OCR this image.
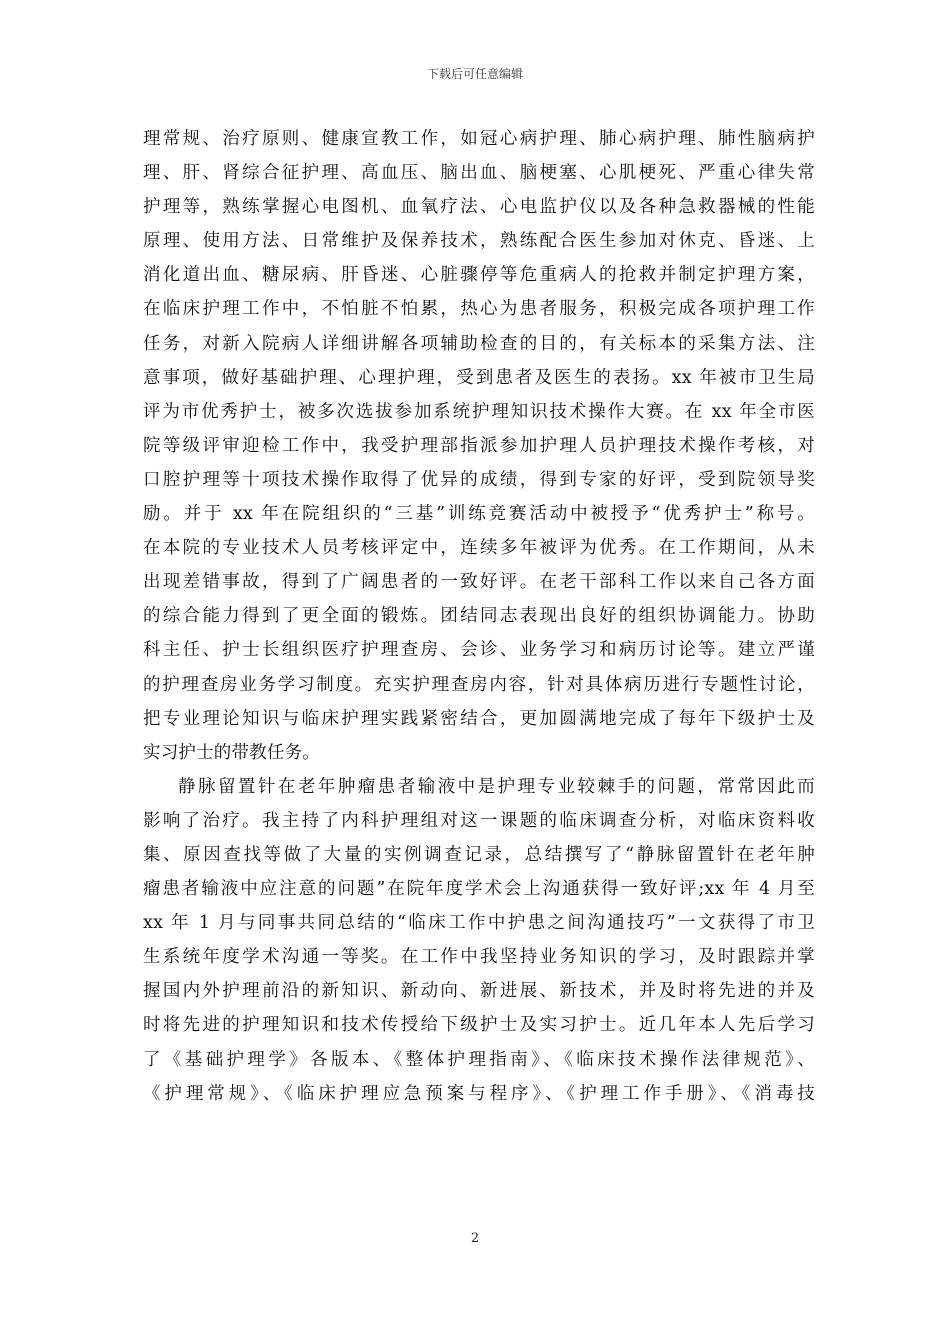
下载后可任意编辑
理常规、治疗原则、健康宣教工作，如冠心病护理、肺心病护理、肺性脑病护
理、肝、肾综合征护理、高血压、脑出血、脑梗塞、心肌梗死、严重心律失常
护理等，熟练掌握心电图机、血氧疗法、心电监护仪以及各种急救器械的性能
原理、使用方法、日常维护及保养技术，熟练配合医生参加对休克、昏迷、上
消化道出血、糖尿病、肝昏迷、心脏骤停等危重病人的抢救并制定护理方案，
在临床护理工作中，不怕脏不怕累，热心为患者服务，积极完成各项护理工作
任务，对新入院病人详细讲解各项辅助检查的目的，有关标本的采集方法、注
意事项，做好基础护理、心理护理，受到患者及医生的表扬。xx 年被市卫生局
评为市优秀护士，被多次选拔参加系统护理知识技术操作大赛。在 xx 年全市医
院等级评审迎检工作中，我受护理部指派参加护理人员护理技术操作考核，对
口腔护理等十项技术操作取得了优异的成绩，得到专家的好评，受到院领导奖
励。并于 xx 年在院组织的“三基”训练竞赛活动中被授予“优秀护士”称号。
在本院的专业技术人员考核评定中，连续多年被评为优秀。在工作期间，从未
出现差错事故，得到了广阔患者的一致好评。在老干部科工作以来自己各方面
的综合能力得到了更全面的锻炼。团结同志表现出良好的组织协调能力。协助
科主任、护士长组织医疗护理查房、会诊、业务学习和病历讨论等。建立严谨
的护理查房业务学习制度。充实护理查房内容，针对具体病历进行专题性讨论，
把专业理论知识与临床护理实践紧密结合，更加圆满地完成了每年下级护士及
实习护士的带教任务。
静脉留置针在老年肿瘤患者输液中是护理专业较棘手的问题，常常因此而
影响了治疗。我主持了内科护理组对这一课题的临床调查分析，对临床资料收
集、原因查找等做了大量的实例调查记录，总结撰写了“静脉留置针在老年肿
瘤患者输液中应注意的问题”在院年度学术会上沟通获得一致好评;xx 年 4 月至
xx 年 1 月与同事共同总结的“临床工作中护患之间沟通技巧”一文获得了市卫
生系统年度学术沟通一等奖。在工作中我坚持业务知识的学习，及时跟踪并掌
握国内外护理前沿的新知识、新动向、新进展、新技术，并及时将先进的并及
时将先进的护理知识和技术传授给下级护士及实习护士。近几年本人先后学习
了《基础护理学》各版本、《整体护理指南》、《临床技术操作法律规范》、
《护理常规》、《临床护理应急预案与程序》、《护理工作手册》、《消毒技
2
